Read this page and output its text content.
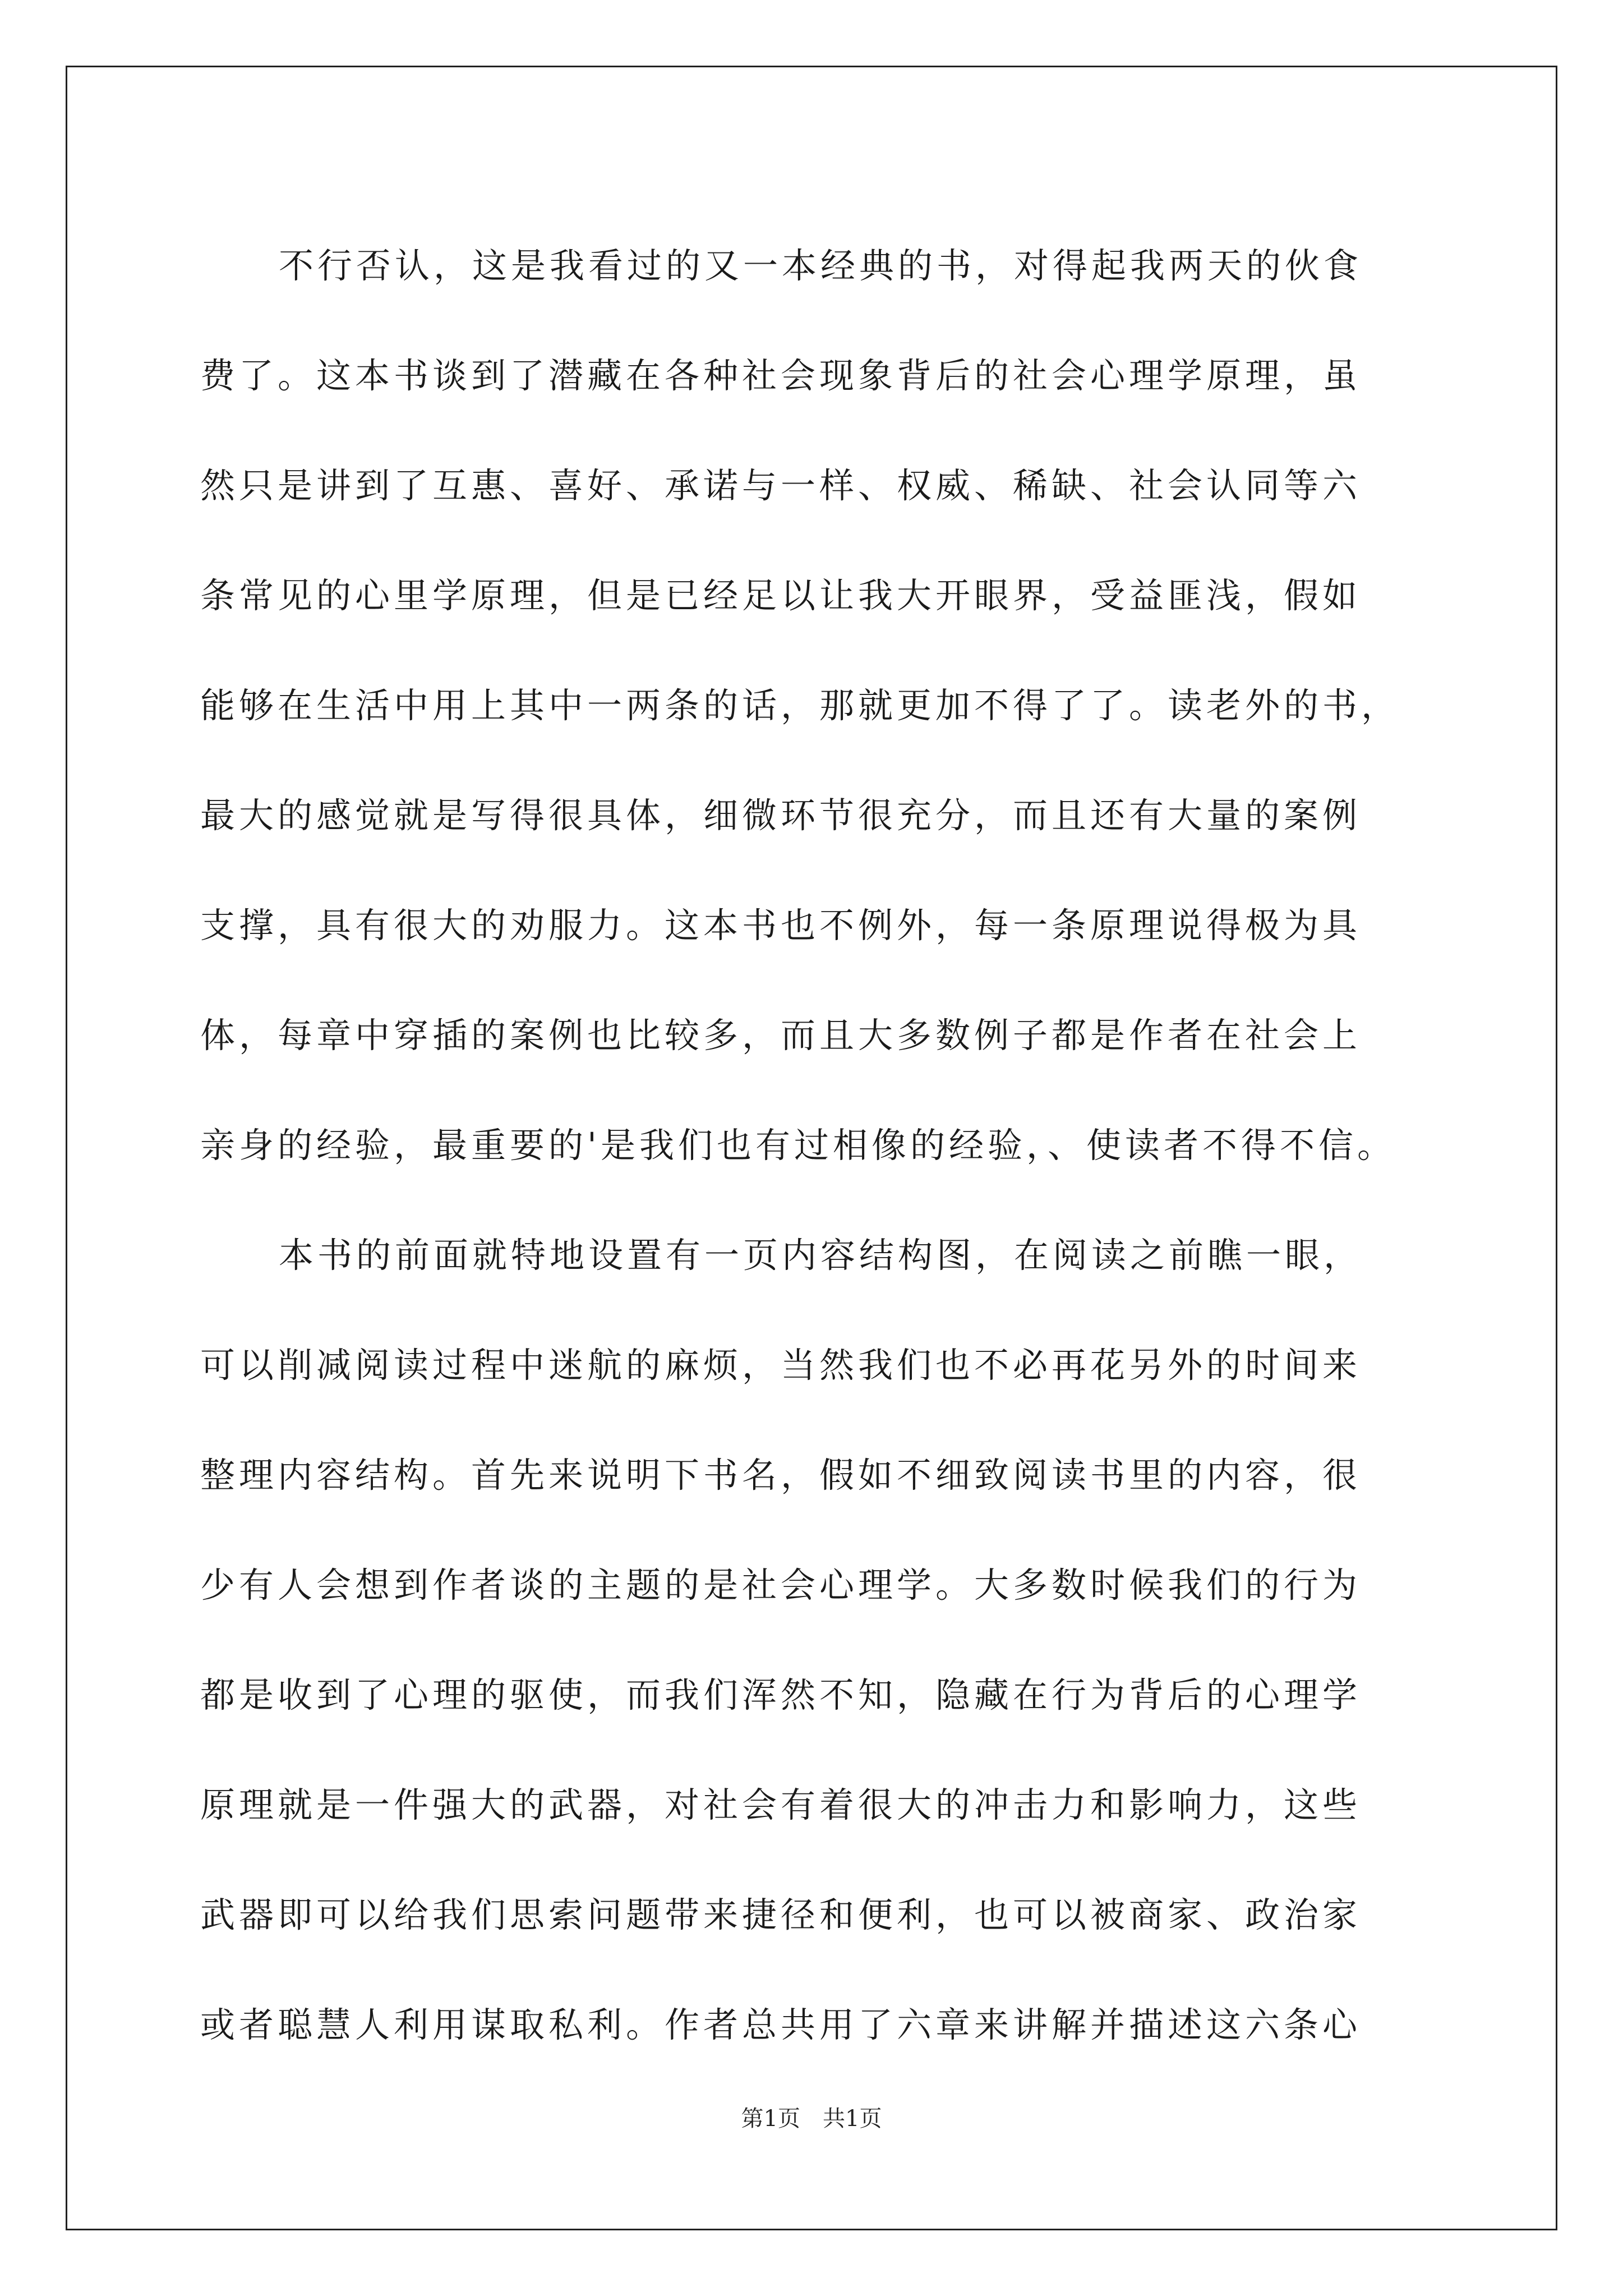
不行否认，这是我看过的又一本经典的书，对得起我两天的伙食
费了。这本书谈到了潜藏在各种社会现象背后的社会心理学原理，虽
然只是讲到了互惠、喜好、承诺与一样、权威、稀缺、社会认同等六
条常见的心里学原理，但是已经足以让我大开眼界，受益匪浅，假如
能够在生活中用上其中一两条的话，那就更加不得了了。读老外的书，
最大的感觉就是写得很具体，细微环节很充分，而且还有大量的案例
支撑，具有很大的劝服力。这本书也不例外，每一条原理说得极为具
体，每章中穿插的案例也比较多，而且大多数例子都是作者在社会上
亲身的经验，最重要的'是我们也有过相像的经验，、使读者不得不信。
本书的前面就特地设置有一页内容结构图，在阅读之前瞧一眼，
可以削减阅读过程中迷航的麻烦，当然我们也不必再花另外的时间来
整理内容结构。首先来说明下书名，假如不细致阅读书里的内容，很
少有人会想到作者谈的主题的是社会心理学。大多数时候我们的行为
都是收到了心理的驱使，而我们浑然不知，隐藏在行为背后的心理学
原理就是一件强大的武器，对社会有着很大的冲击力和影响力，这些
武器即可以给我们思索问题带来捷径和便利，也可以被商家、政治家
或者聪慧人利用谋取私利。作者总共用了六章来讲解并描述这六条心
第1页　共1页
